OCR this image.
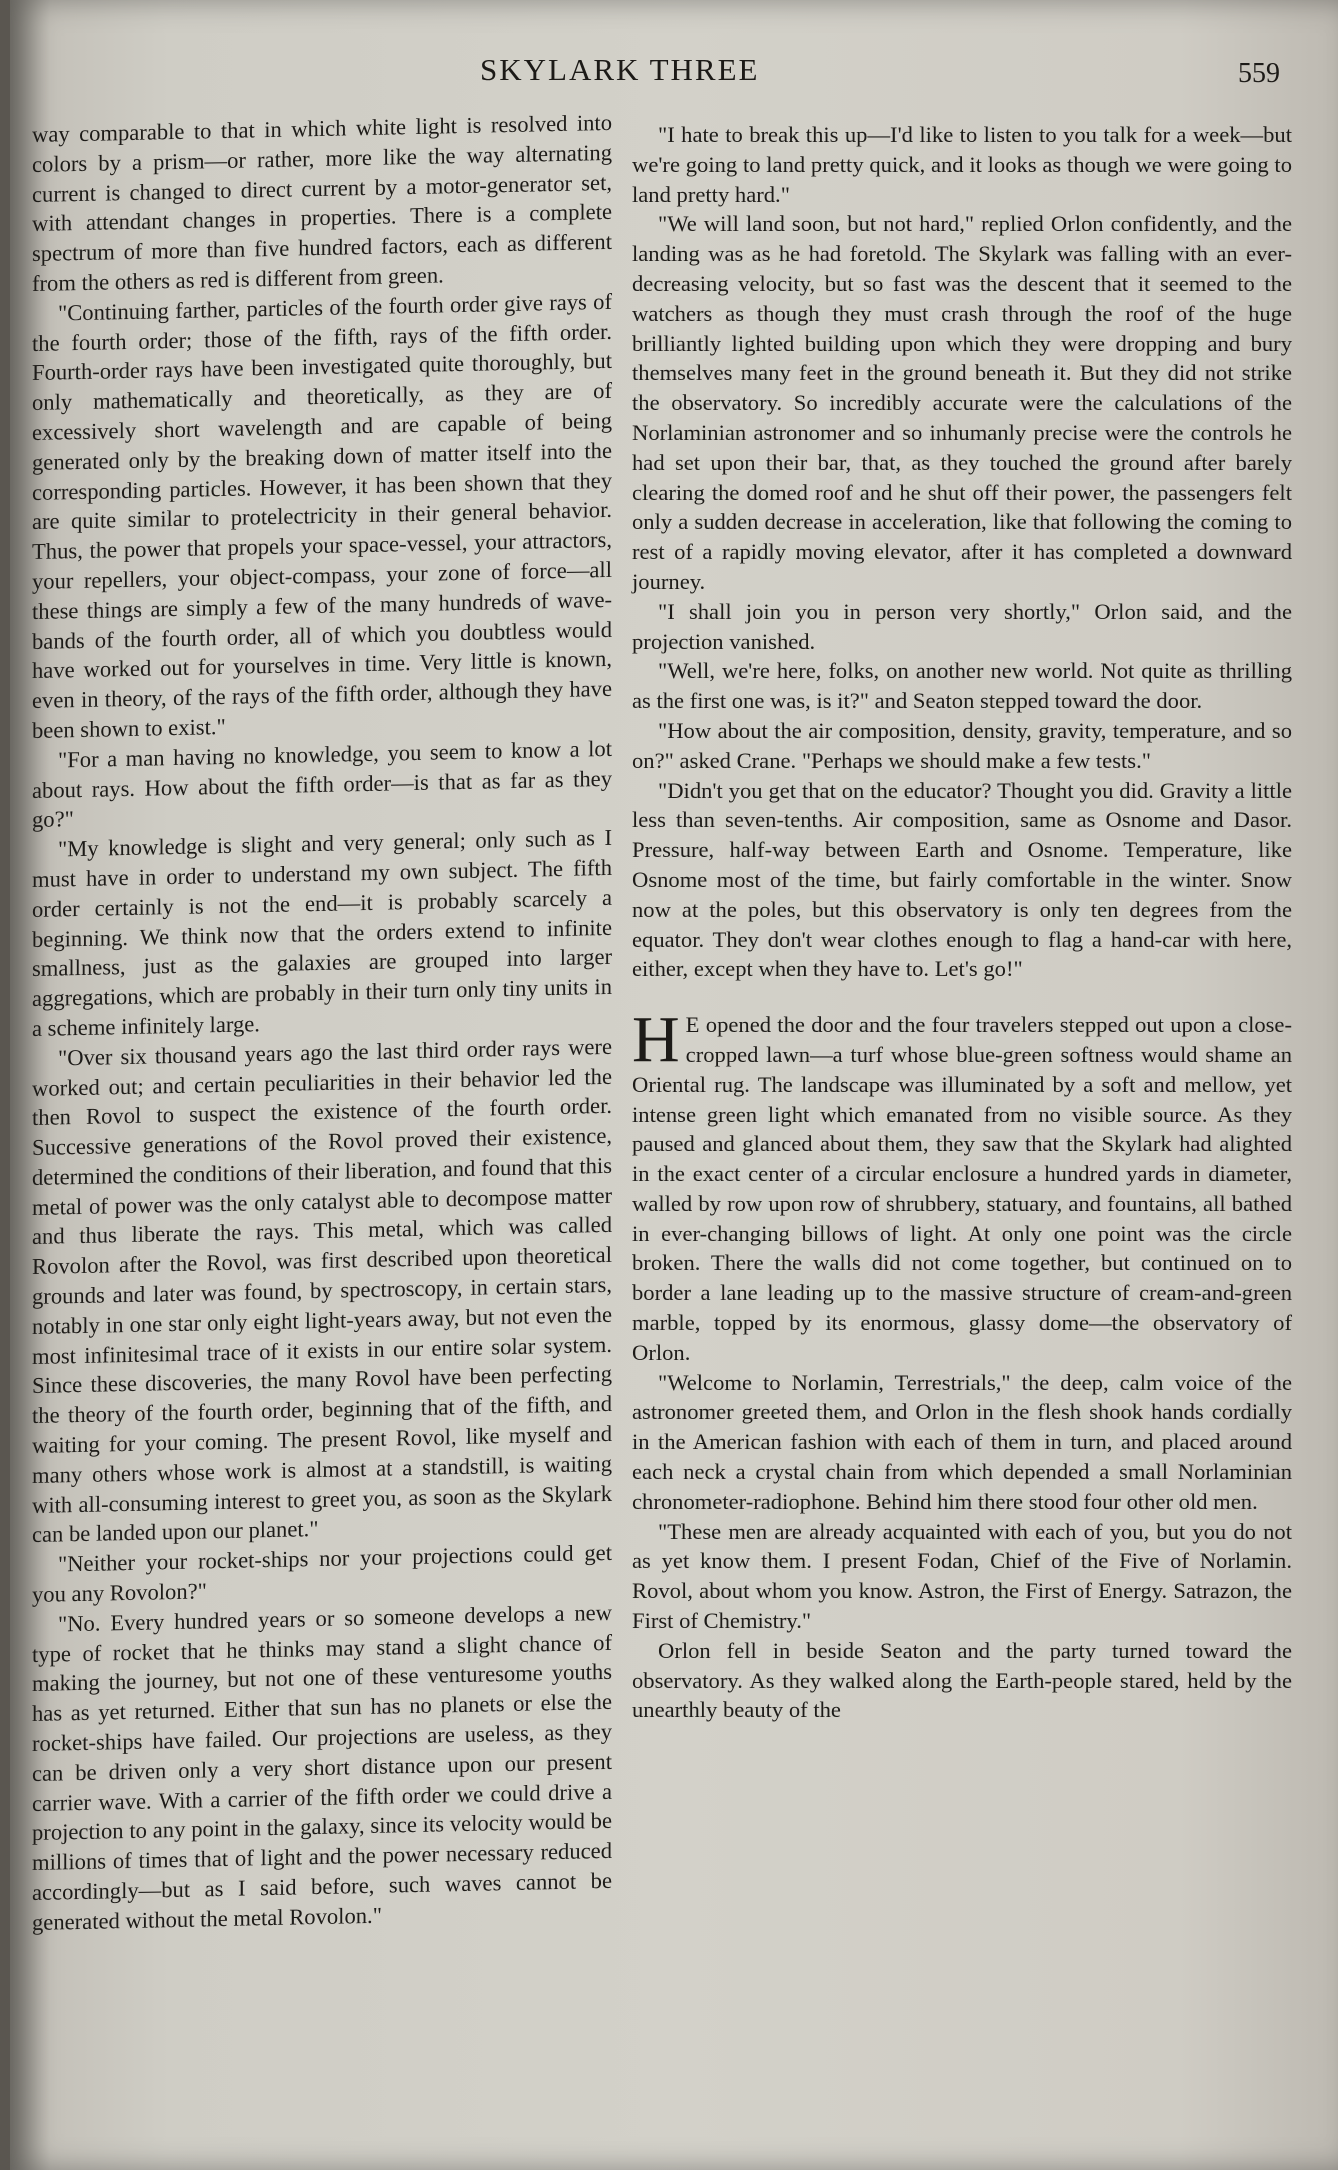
SKYLARK THREE	559

way comparable to that in which white light is resolved into colors by a prism—or rather, more like the way alternating current is changed to direct current by a motor-generator set, with attendant changes in properties. There is a complete spectrum of more than five hundred factors, each as different from the others as red is different from green.

"Continuing farther, particles of the fourth order give rays of the fourth order; those of the fifth, rays of the fifth order. Fourth-order rays have been investigated quite thoroughly, but only mathematically and theoretically, as they are of excessively short wavelength and are capable of being generated only by the breaking down of matter itself into the corresponding particles. However, it has been shown that they are quite similar to protelectricity in their general behavior. Thus, the power that propels your space-vessel, your attractors, your repellers, your object-compass, your zone of force—all these things are simply a few of the many hundreds of wave-bands of the fourth order, all of which you doubtless would have worked out for yourselves in time. Very little is known, even in theory, of the rays of the fifth order, although they have been shown to exist."

"For a man having no knowledge, you seem to know a lot about rays. How about the fifth order—is that as far as they go?"

"My knowledge is slight and very general; only such as I must have in order to understand my own subject. The fifth order certainly is not the end—it is probably scarcely a beginning. We think now that the orders extend to infinite smallness, just as the galaxies are grouped into larger aggregations, which are probably in their turn only tiny units in a scheme infinitely large.

"Over six thousand years ago the last third order rays were worked out; and certain peculiarities in their behavior led the then Rovol to suspect the existence of the fourth order. Successive generations of the Rovol proved their existence, determined the conditions of their liberation, and found that this metal of power was the only catalyst able to decompose matter and thus liberate the rays. This metal, which was called Rovolon after the Rovol, was first described upon theoretical grounds and later was found, by spectroscopy, in certain stars, notably in one star only eight light-years away, but not even the most infinitesimal trace of it exists in our entire solar system. Since these discoveries, the many Rovol have been perfecting the theory of the fourth order, beginning that of the fifth, and waiting for your coming. The present Rovol, like myself and many others whose work is almost at a standstill, is waiting with all-consuming interest to greet you, as soon as the Skylark can be landed upon our planet."

"Neither your rocket-ships nor your projections could get you any Rovolon?"

"No. Every hundred years or so someone develops a new type of rocket that he thinks may stand a slight chance of making the journey, but not one of these venturesome youths has as yet returned. Either that sun has no planets or else the rocket-ships have failed. Our projections are useless, as they can be driven only a very short distance upon our present carrier wave. With a carrier of the fifth order we could drive a projection to any point in the galaxy, since its velocity would be millions of times that of light and the power necessary reduced accordingly—but as I said before, such waves cannot be generated without the metal Rovolon."

"I hate to break this up—I'd like to listen to you talk for a week—but we're going to land pretty quick, and it looks as though we were going to land pretty hard."

"We will land soon, but not hard," replied Orlon confidently, and the landing was as he had foretold. The Skylark was falling with an ever-decreasing velocity, but so fast was the descent that it seemed to the watchers as though they must crash through the roof of the huge brilliantly lighted building upon which they were dropping and bury themselves many feet in the ground beneath it. But they did not strike the observatory. So incredibly accurate were the calculations of the Norlaminian astronomer and so inhumanly precise were the controls he had set upon their bar, that, as they touched the ground after barely clearing the domed roof and he shut off their power, the passengers felt only a sudden decrease in acceleration, like that following the coming to rest of a rapidly moving elevator, after it has completed a downward journey.

"I shall join you in person very shortly," Orlon said, and the projection vanished.

"Well, we're here, folks, on another new world. Not quite as thrilling as the first one was, is it?" and Seaton stepped toward the door.

"How about the air composition, density, gravity, temperature, and so on?" asked Crane. "Perhaps we should make a few tests."

"Didn't you get that on the educator? Thought you did. Gravity a little less than seven-tenths. Air composition, same as Osnome and Dasor. Pressure, half-way between Earth and Osnome. Temperature, like Osnome most of the time, but fairly comfortable in the winter. Snow now at the poles, but this observatory is only ten degrees from the equator. They don't wear clothes enough to flag a hand-car with here, either, except when they have to. Let's go!"

H E opened the door and the four travelers stepped out upon a close-cropped lawn—a turf whose blue-green softness would shame an Oriental rug. The landscape was illuminated by a soft and mellow, yet intense green light which emanated from no visible source. As they paused and glanced about them, they saw that the Skylark had alighted in the exact center of a circular enclosure a hundred yards in diameter, walled by row upon row of shrubbery, statuary, and fountains, all bathed in ever-changing billows of light. At only one point was the circle broken. There the walls did not come together, but continued on to border a lane leading up to the massive structure of cream-and-green marble, topped by its enormous, glassy dome—the observatory of Orlon.

"Welcome to Norlamin, Terrestrials," the deep, calm voice of the astronomer greeted them, and Orlon in the flesh shook hands cordially in the American fashion with each of them in turn, and placed around each neck a crystal chain from which depended a small Norlaminian chronometer-radiophone. Behind him there stood four other old men.

"These men are already acquainted with each of you, but you do not as yet know them. I present Fodan, Chief of the Five of Norlamin. Rovol, about whom you know. Astron, the First of Energy. Satrazon, the First of Chemistry."

Orlon fell in beside Seaton and the party turned toward the observatory. As they walked along the Earth-people stared, held by the unearthly beauty of the
